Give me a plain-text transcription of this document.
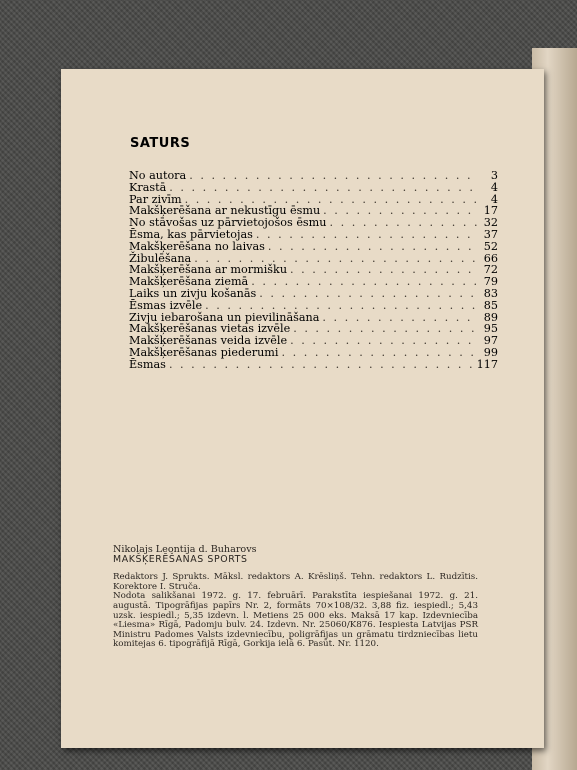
SATURS
No autora . . .	3
Krastā . . .	4
Par zivīm . . .	4
Makšķerēšana ar nekustīgu ēsmu . . .	17
No stāvošas uz pārvietojošos ēsmu . . .	32
Ēsma, kas pārvietojas . . .	37
Makšķerēšana no laivas . . .	52
Žibulēšana . . .	66
Makšķerēšana ar mormišku . . .	72
Makšķerēšana ziemā . . .	79
Laiks un zivju košanās . . .	83
Ēsmas izvēle . . .	85
Zivju iebarošana un pievilināšana . . .	89
Makšķerēšanas vietas izvēle . . .	95
Makšķerēšanas veida izvēle . . .	97
Makšķerēšanas piederumi . . .	99
Ēsmas . . .	117
Nikolajs Leontija d. Buharovs
MAKŠĶERĒŠANAS SPORTS

Redaktors J. Sprukts. Māksl. redaktors A. Krēsliņš. Tehn. redaktors L. Rudzītis. Korektore I. Struča.

Nodota salikšanai 1972. g. 17. februārī. Parakstīta iespiešanai 1972. g. 21. augustā. Tipogrāfijas papīrs Nr. 2, formāts 70×108/32. 3,88 fiz. iespiedl.; 5,43 uzsk. iespiedl.; 5,35 izdevn. l. Metiens 25 000 eks. Maksā 17 kap. Izdevniecība «Liesma» Rīgā, Padomju bulv. 24. Izdevn. Nr. 25060/K876. Iespiesta Latvijas PSR Ministru Padomes Valsts izdevniecību, poligrāfijas un grāmatu tirdzniecības lietu komitejas 6. tipogrāfijā Rīgā, Gorkija ielā 6. Pasūt. Nr. 1120.
